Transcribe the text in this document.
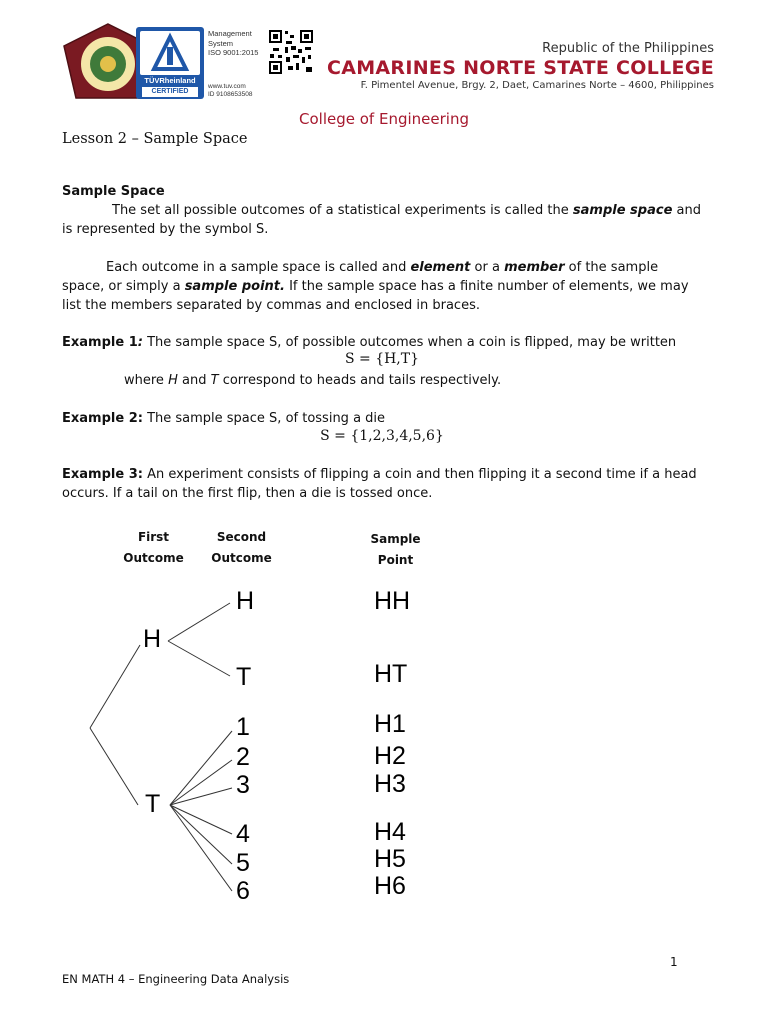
TÜVRheinland
CERTIFIED
Management
System
ISO 9001:2015
www.tuv.com
ID 9108653508
Republic of the Philippines
CAMARINES NORTE STATE COLLEGE
F. Pimentel Avenue, Brgy. 2, Daet, Camarines Norte – 4600, Philippines
College of Engineering
Lesson 2 – Sample Space
Sample Space
The set all possible outcomes of a statistical experiments is called the sample space and is represented by the symbol S.
Each outcome in a sample space is called and element or a member of the sample space, or simply a sample point. If the sample space has a finite number of elements, we may list the members separated by commas and enclosed in braces.
Example 1: The sample space S, of possible outcomes when a coin is flipped, may be written
S = {H,T}
where H and T correspond to heads and tails respectively.
Example 2: The sample space S, of tossing a die
S = {1,2,3,4,5,6}
Example 3: An experiment consists of flipping a coin and then flipping it a second time if a head occurs. If a tail on the first flip, then a die is tossed once.
First
Outcome
Second
Outcome
Sample
Point
H
T
H
T
1
2
3
4
5
6
HH
HT
H1
H2
H3
H4
H5
H6
1
EN MATH 4 – Engineering Data Analysis
